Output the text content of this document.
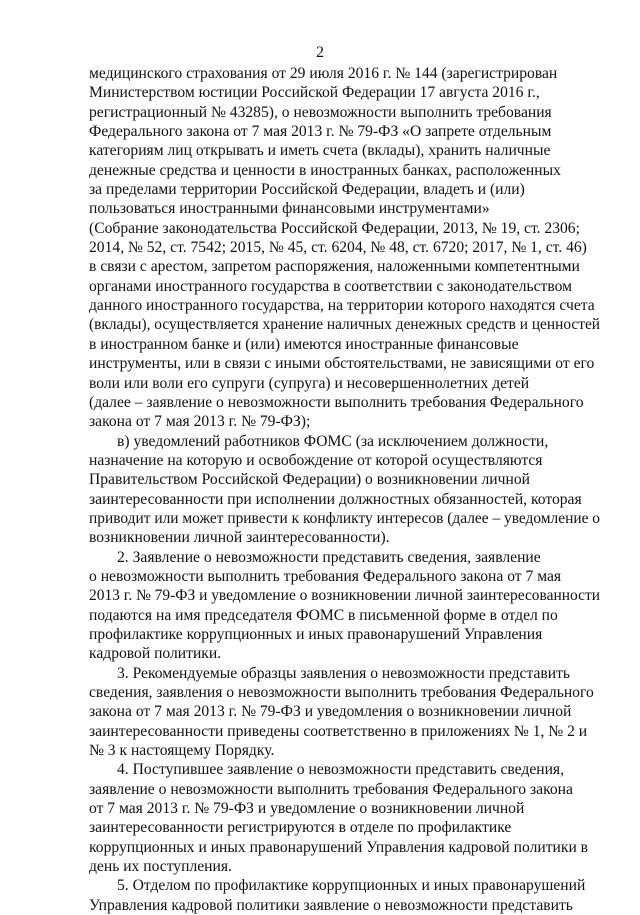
2
медицинского страхования от 29 июля 2016 г. № 144 (зарегистрирован
Министерством юстиции Российской Федерации 17 августа 2016 г.,
регистрационный № 43285), о невозможности выполнить требования
Федерального закона от 7 мая 2013 г. № 79-ФЗ «О запрете отдельным
категориям лиц открывать и иметь счета (вклады), хранить наличные
денежные средства и ценности в иностранных банках, расположенных
за пределами территории Российской Федерации, владеть и (или)
пользоваться иностранными финансовыми инструментами»
(Собрание законодательства Российской Федерации, 2013, № 19, ст. 2306;
2014, № 52, ст. 7542; 2015, № 45, ст. 6204, № 48, ст. 6720; 2017, № 1, ст. 46)
в связи с арестом, запретом распоряжения, наложенными компетентными
органами иностранного государства в соответствии с законодательством
данного иностранного государства, на территории которого находятся счета
(вклады), осуществляется хранение наличных денежных средств и ценностей
в иностранном банке и (или) имеются иностранные финансовые
инструменты, или в связи с иными обстоятельствами, не зависящими от его
воли или воли его супруги (супруга) и несовершеннолетних детей
(далее – заявление о невозможности выполнить требования Федерального
закона от 7 мая 2013 г. № 79-ФЗ);
в) уведомлений работников ФОМС (за исключением должности,
назначение на которую и освобождение от которой осуществляются
Правительством Российской Федерации) о возникновении личной
заинтересованности при исполнении должностных обязанностей, которая
приводит или может привести к конфликту интересов (далее – уведомление о
возникновении личной заинтересованности).
2. Заявление о невозможности представить сведения, заявление
о невозможности выполнить требования Федерального закона от 7 мая
2013 г. № 79-ФЗ и уведомление о возникновении личной заинтересованности
подаются на имя председателя ФОМС в письменной форме в отдел по
профилактике коррупционных и иных правонарушений Управления
кадровой политики.
3. Рекомендуемые образцы заявления о невозможности представить
сведения, заявления о невозможности выполнить требования Федерального
закона от 7 мая 2013 г. № 79-ФЗ и уведомления о возникновении личной
заинтересованности приведены соответственно в приложениях № 1, № 2 и
№ 3 к настоящему Порядку.
4. Поступившее заявление о невозможности представить сведения,
заявление о невозможности выполнить требования Федерального закона
от 7 мая 2013 г. № 79-ФЗ и уведомление о возникновении личной
заинтересованности регистрируются в отделе по профилактике
коррупционных и иных правонарушений Управления кадровой политики в
день их поступления.
5. Отделом по профилактике коррупционных и иных правонарушений
Управления кадровой политики заявление о невозможности представить
